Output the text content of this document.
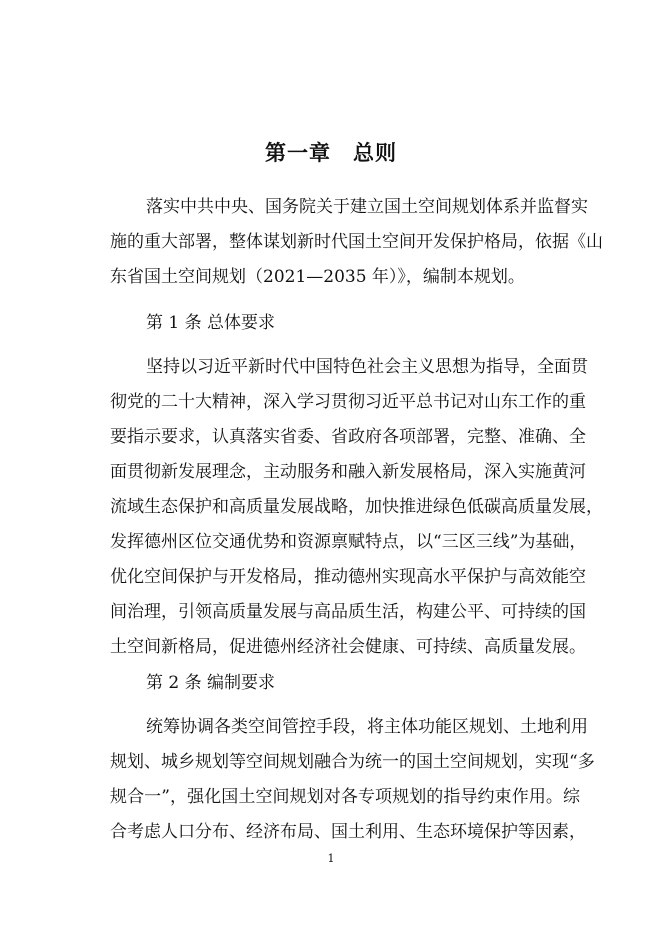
第一章　总则
落实中共中央、国务院关于建立国土空间规划体系并监督实
施的重大部署，整体谋划新时代国土空间开发保护格局，依据《山
东省国土空间规划（2021—2035 年）》，编制本规划。
第 1 条 总体要求
坚持以习近平新时代中国特色社会主义思想为指导，全面贯
彻党的二十大精神，深入学习贯彻习近平总书记对山东工作的重
要指示要求，认真落实省委、省政府各项部署，完整、准确、全
面贯彻新发展理念，主动服务和融入新发展格局，深入实施黄河
流域生态保护和高质量发展战略，加快推进绿色低碳高质量发展，
发挥德州区位交通优势和资源禀赋特点，以“三区三线”为基础，
优化空间保护与开发格局，推动德州实现高水平保护与高效能空
间治理，引领高质量发展与高品质生活，构建公平、可持续的国
土空间新格局，促进德州经济社会健康、可持续、高质量发展。
第 2 条 编制要求
统筹协调各类空间管控手段，将主体功能区规划、土地利用
规划、城乡规划等空间规划融合为统一的国土空间规划，实现“多
规合一”，强化国土空间规划对各专项规划的指导约束作用。综
合考虑人口分布、经济布局、国土利用、生态环境保护等因素，
1
